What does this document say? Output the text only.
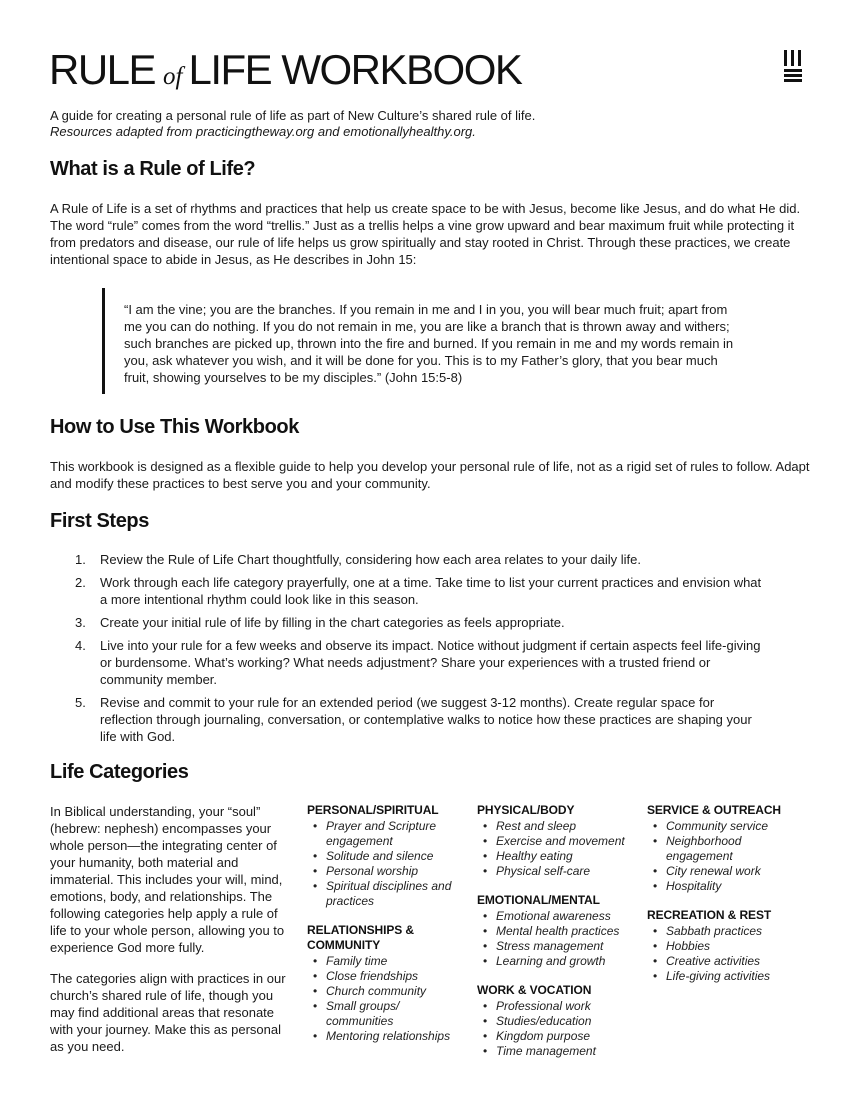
RULE of LIFE WORKBOOK
A guide for creating a personal rule of life as part of New Culture’s shared rule of life.
Resources adapted from practicingtheway.org and emotionallyhealthy.org.
What is a Rule of Life?

A Rule of Life is a set of rhythms and practices that help us create space to be with Jesus, become like Jesus, and do what He did. The word “rule” comes from the word “trellis.” Just as a trellis helps a vine grow upward and bear maximum fruit while protecting it from predators and disease, our rule of life helps us grow spiritually and stay rooted in Christ. Through these practices, we create intentional space to abide in Jesus, as He describes in John 15:

“I am the vine; you are the branches. If you remain in me and I in you, you will bear much fruit; apart from me you can do nothing. If you do not remain in me, you are like a branch that is thrown away and withers; such branches are picked up, thrown into the fire and burned. If you remain in me and my words remain in you, ask whatever you wish, and it will be done for you. This is to my Father’s glory, that you bear much fruit, showing yourselves to be my disciples.” (John 15:5-8)
How to Use This Workbook

This workbook is designed as a flexible guide to help you develop your personal rule of life, not as a rigid set of rules to follow. Adapt and modify these practices to best serve you and your community.

First Steps
1. Review the Rule of Life Chart thoughtfully, considering how each area relates to your daily life.
2. Work through each life category prayerfully, one at a time. Take time to list your current practices and envision what a more intentional rhythm could look like in this season.
3. Create your initial rule of life by filling in the chart categories as feels appropriate.
4. Live into your rule for a few weeks and observe its impact. Notice without judgment if certain aspects feel life-giving or burdensome. What’s working? What needs adjustment? Share your experiences with a trusted friend or community member.
5. Revise and commit to your rule for an extended period (we suggest 3-12 months). Create regular space for reflection through journaling, conversation, or contemplative walks to notice how these practices are shaping your life with God.
Life Categories

In Biblical understanding, your “soul” (hebrew: nephesh) encompasses your whole person—the integrating center of your humanity, both material and immaterial. This includes your will, mind, emotions, body, and relationships. The following categories help apply a rule of life to your whole person, allowing you to experience God more fully.

The categories align with practices in our church’s shared rule of life, though you may find additional areas that resonate with your journey. Make this as personal as you need.

PERSONAL/SPIRITUAL
• Prayer and Scripture engagement
• Solitude and silence
• Personal worship
• Spiritual disciplines and practices
RELATIONSHIPS & COMMUNITY
• Family time
• Close friendships
• Church community
• Small groups/ communities
• Mentoring relationships
PHYSICAL/BODY
• Rest and sleep
• Exercise and movement
• Healthy eating
• Physical self-care
EMOTIONAL/MENTAL
• Emotional awareness
• Mental health practices
• Stress management
• Learning and growth
WORK & VOCATION
• Professional work
• Studies/education
• Kingdom purpose
• Time management
SERVICE & OUTREACH
• Community service
• Neighborhood engagement
• City renewal work
• Hospitality
RECREATION & REST
• Sabbath practices
• Hobbies
• Creative activities
• Life-giving activities
